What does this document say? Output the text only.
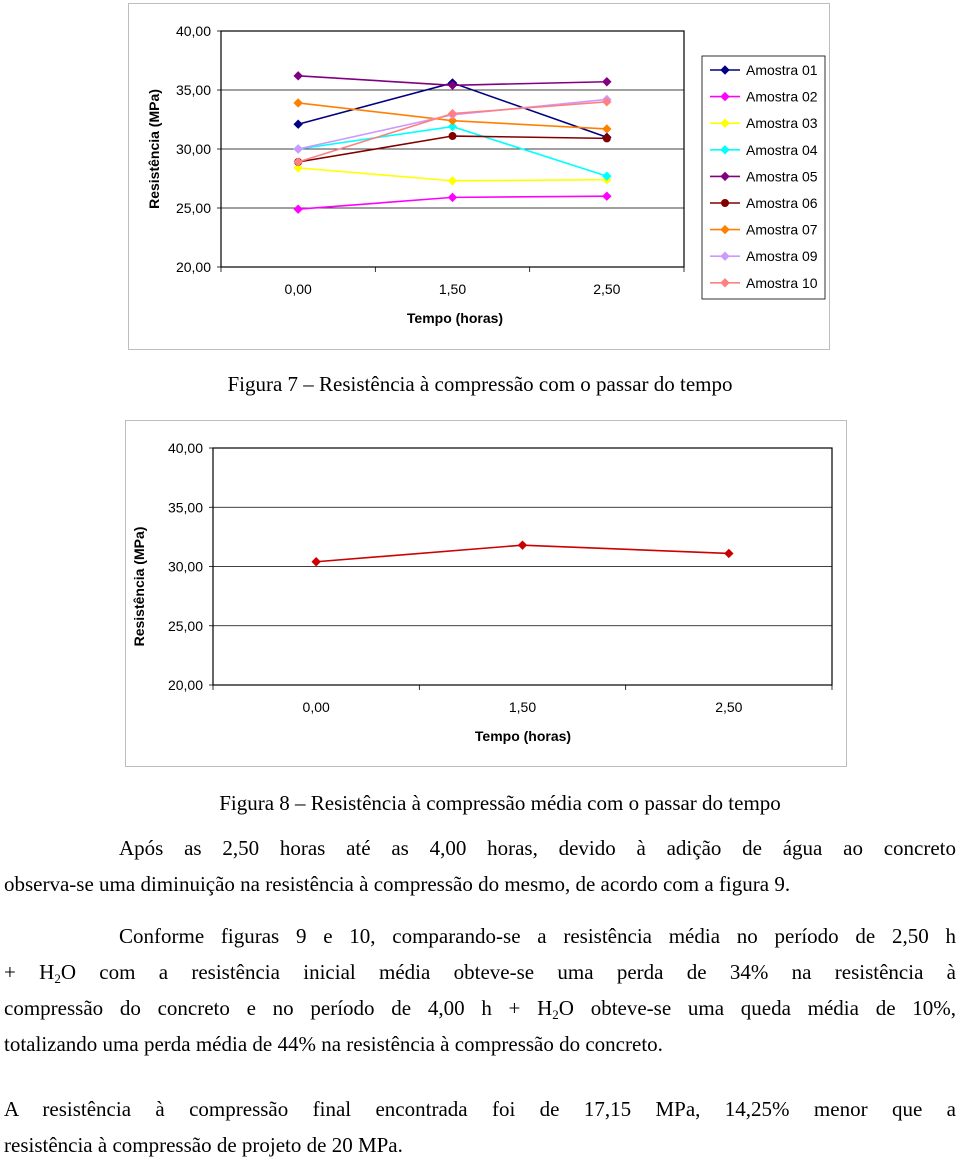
20,00
25,00
30,00
35,00
40,00
0,00	1,50	2,50
Tempo (horas)
Resistência (MPa)
Amostra 01
Amostra 02
Amostra 03
Amostra 04
Amostra 05
Amostra 06
Amostra 07
Amostra 09
Amostra 10
Figura 7 – Resistência à compressão com o passar do tempo
20,00
25,00
30,00
35,00
40,00
0,00	1,50	2,50
Tempo (horas)
Resistência (MPa)
Figura 8 – Resistência à compressão média com o passar do tempo
Após as 2,50 horas até as 4,00 horas, devido à adição de água ao concreto
observa-se uma diminuição na resistência à compressão do mesmo, de acordo com a figura 9.
Conforme figuras 9 e 10, comparando-se a resistência média no período de 2,50 h
+ $H_2O$ com a resistência inicial média obteve-se uma perda de 34% na resistência à
compressão do concreto e no período de 4,00 $h + H_2O$ obteve-se uma queda média de 10%,
totalizando uma perda média de 44% na resistência à compressão do concreto.
A resistência à compressão final encontrada foi de 17,15 MPa, 14,25% menor que a
resistência à compressão de projeto de 20 MPa.
